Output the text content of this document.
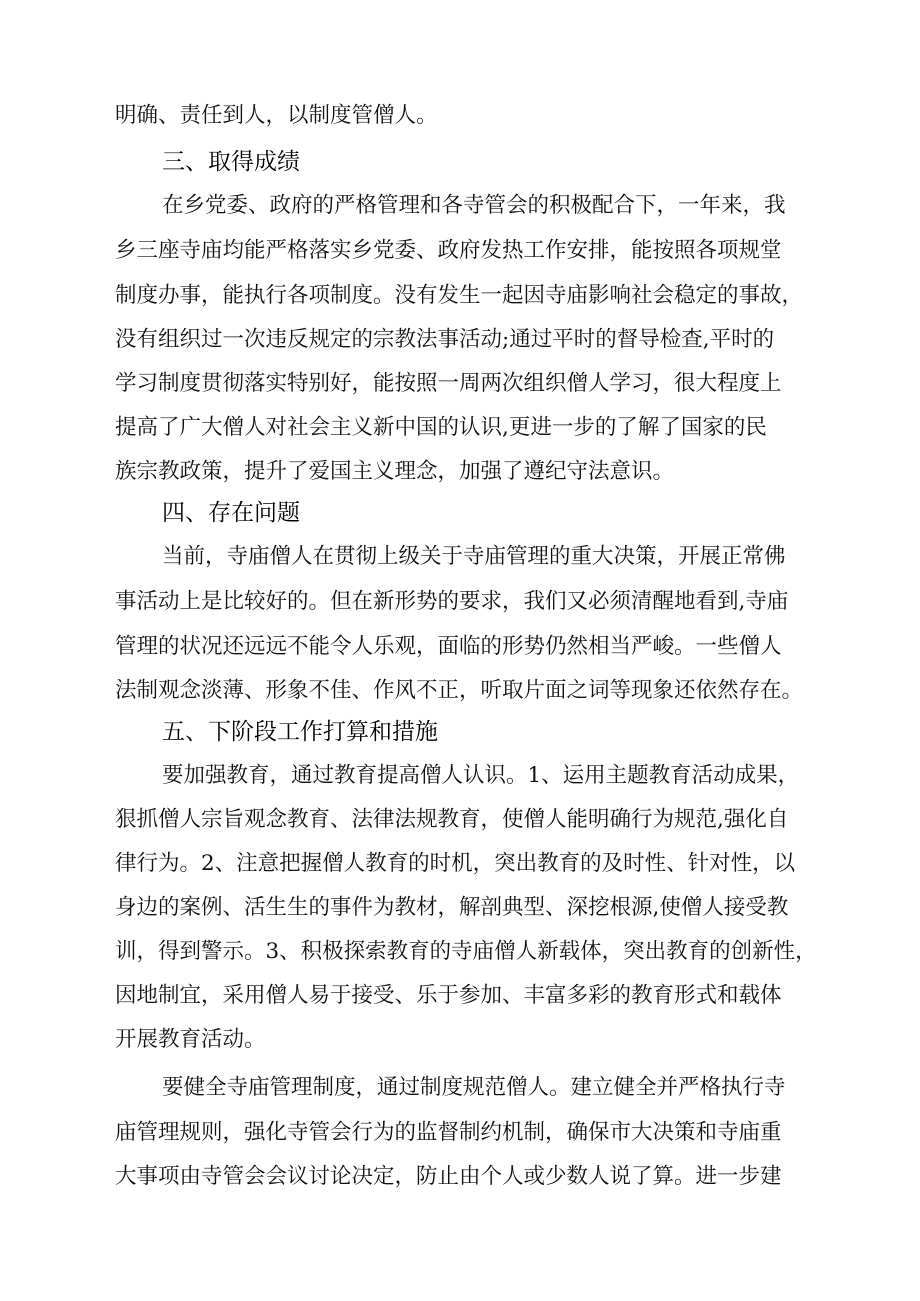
明确、责任到人，以制度管僧人。
三、取得成绩
在乡党委、政府的严格管理和各寺管会的积极配合下，一年来，我
乡三座寺庙均能严格落实乡党委、政府发热工作安排，能按照各项规堂
制度办事，能执行各项制度。没有发生一起因寺庙影响社会稳定的事故，
没有组织过一次违反规定的宗教法事活动;通过平时的督导检查,平时的
学习制度贯彻落实特别好，能按照一周两次组织僧人学习，很大程度上
提高了广大僧人对社会主义新中国的认识,更进一步的了解了国家的民
族宗教政策，提升了爱国主义理念，加强了遵纪守法意识。
四、存在问题
当前，寺庙僧人在贯彻上级关于寺庙管理的重大决策，开展正常佛
事活动上是比较好的。但在新形势的要求，我们又必须清醒地看到,寺庙
管理的状况还远远不能令人乐观，面临的形势仍然相当严峻。一些僧人
法制观念淡薄、形象不佳、作风不正，听取片面之词等现象还依然存在。
五、下阶段工作打算和措施
要加强教育，通过教育提高僧人认识。1、运用主题教育活动成果，
狠抓僧人宗旨观念教育、法律法规教育，使僧人能明确行为规范,强化自
律行为。2、注意把握僧人教育的时机，突出教育的及时性、针对性，以
身边的案例、活生生的事件为教材，解剖典型、深挖根源,使僧人接受教
训，得到警示。3、积极探索教育的寺庙僧人新载体，突出教育的创新性，
因地制宜，采用僧人易于接受、乐于参加、丰富多彩的教育形式和载体
开展教育活动。
要健全寺庙管理制度，通过制度规范僧人。建立健全并严格执行寺
庙管理规则，强化寺管会行为的监督制约机制，确保市大决策和寺庙重
大事项由寺管会会议讨论决定，防止由个人或少数人说了算。进一步建
